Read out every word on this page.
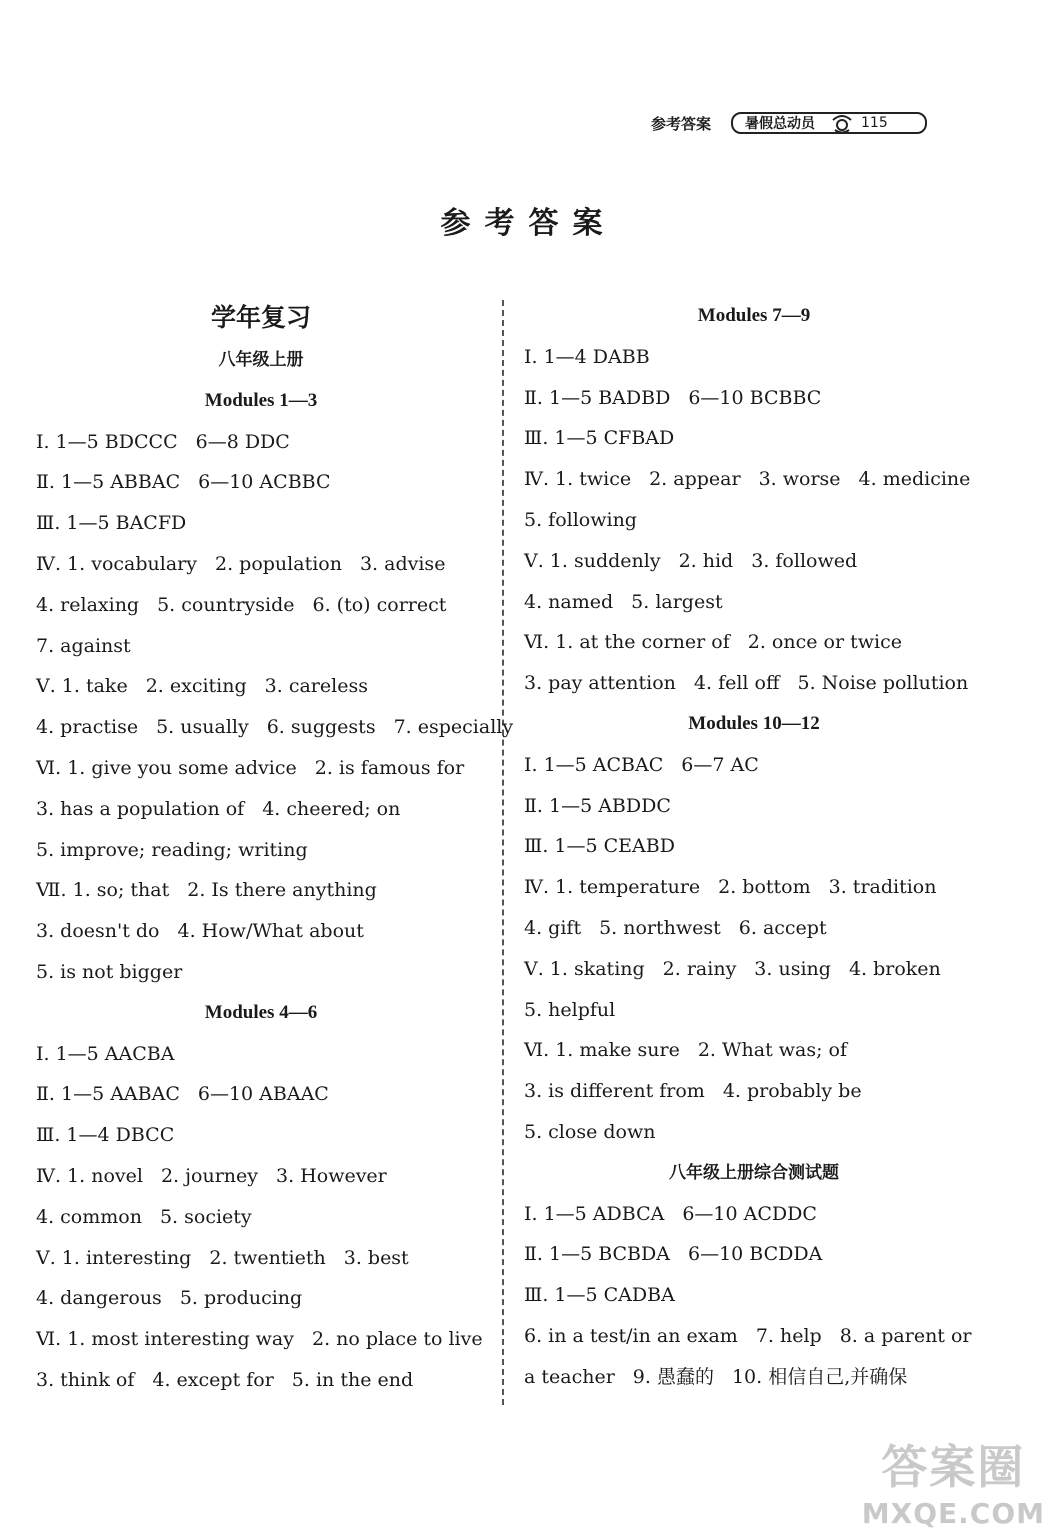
参考答案 暑假总动员	115
参考答案
学年复习
八年级上册
Modules 1—3
Ⅰ. 1—5 BDCCC 6—8 DDC
Ⅱ. 1—5 ABBAC 6—10 ACBBC
Ⅲ. 1—5 BACFD
Ⅳ. 1. vocabulary 2. population 3. advise
4. relaxing 5. countryside 6. (to) correct
7. against
Ⅴ. 1. take 2. exciting 3. careless
4. practise 5. usually 6. suggests 7. especially
Ⅵ. 1. give you some advice 2. is famous for
3. has a population of 4. cheered; on
5. improve; reading; writing
Ⅶ. 1. so; that 2. Is there anything
3. doesn't do 4. How/What about
5. is not bigger
Modules 4—6
Ⅰ. 1—5 AACBA
Ⅱ. 1—5 AABAC 6—10 ABAAC
Ⅲ. 1—4 DBCC
Ⅳ. 1. novel 2. journey 3. However
4. common 5. society
Ⅴ. 1. interesting 2. twentieth 3. best
4. dangerous 5. producing
Ⅵ. 1. most interesting way 2. no place to live
3. think of 4. except for 5. in the end
Modules 7—9
Ⅰ. 1—4 DABB
Ⅱ. 1—5 BADBD 6—10 BCBBC
Ⅲ. 1—5 CFBAD
Ⅳ. 1. twice 2. appear 3. worse 4. medicine
5. following
Ⅴ. 1. suddenly 2. hid 3. followed
4. named 5. largest
Ⅵ. 1. at the corner of 2. once or twice
3. pay attention 4. fell off 5. Noise pollution
Modules 10—12
Ⅰ. 1—5 ACBAC 6—7 AC
Ⅱ. 1—5 ABDDC
Ⅲ. 1—5 CEABD
Ⅳ. 1. temperature 2. bottom 3. tradition
4. gift 5. northwest 6. accept
Ⅴ. 1. skating 2. rainy 3. using 4. broken
5. helpful
Ⅵ. 1. make sure 2. What was; of
3. is different from 4. probably be
5. close down
八年级上册综合测试题
Ⅰ. 1—5 ADBCA 6—10 ACDDC
Ⅱ. 1—5 BCBDA 6—10 BCDDA
Ⅲ. 1—5 CADBA
6. in a test/in an exam 7. help 8. a parent or
a teacher 9. 愚蠢的 10. 相信自己,并确保
答案圈
MXQE.COM
